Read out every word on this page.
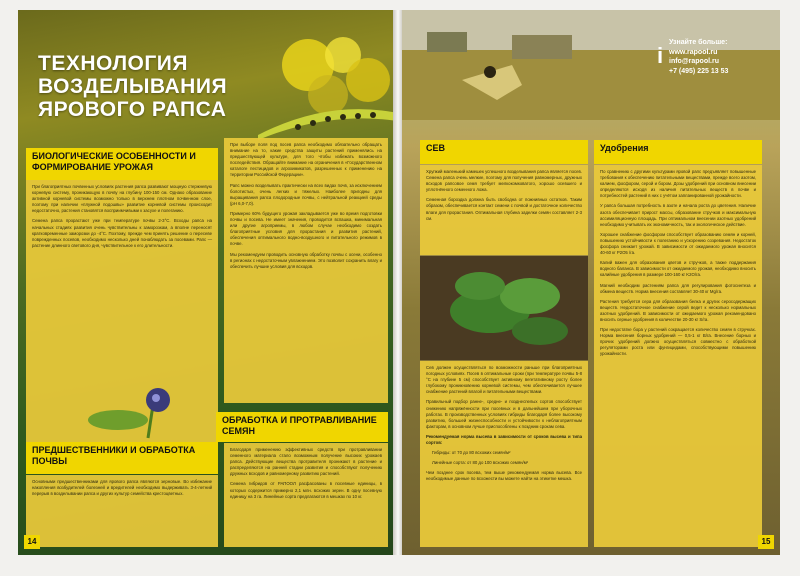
ТЕХНОЛОГИЯ
ВОЗДЕЛЫВАНИЯ
ЯРОВОГО РАПСА

При благоприятных почвенных условиях растения рапса развивают мощную стержневую корневую систему, проникающую в почву на глубину 100-150 см. Однако образование активной корневой системы возможно только в верхнем плотном почвенном слое, поэтому при наличии «плужной подошвы» развитие корневой системы происходит недостаточно, растения становятся восприимчивыми к засухе и полеганию.

Семена рапса прорастают уже при температуре почвы 2-3°С. Всходы рапса на начальных стадиях развития очень чувствительны к заморозкам, а вполне переносят кратковременные заморозки до -4°С. Поэтому, прежде чем принять решение о пересеве поврежденных посевов, необходимо несколько дней понаблюдать за посевами. Рапс — растение длинного светового дня, чувствительное к его длительности.

БИОЛОГИЧЕСКИЕ ОСОБЕННОСТИ И ФОРМИРОВАНИЕ УРОЖАЯ
ПРЕДШЕСТВЕННИКИ И ОБРАБОТКА ПОЧВЫ

Основными предшественниками для ярового рапса являются зерновые. Во избежание накопления возбудителей болезней и вредителей необходимо выдерживать 3-4-летний перерыв в возделывании рапса и других культур семейства крестоцветных.

При выборе поля под посев рапса необходимо обязательно обращать внимание на то, какие средства защиты растений применялись на предшествующей культуре, для того чтобы избежать возможного последействия. Обращайте внимание на ограничения в «Государственном каталоге пестицидов и агрохимикатов, разрешенных к применению на территории Российской Федерации».

Рапс можно возделывать практически на всех видах почв, за исключением болотистых, очень легких и тяжелых. Наиболее пригодны для выращивания рапса плодородные почвы, с нейтральной реакцией среды (pH 6,0-7,0).

Примерно 60% будущего урожая закладывается уже во время подготовки почвы и посева. Не имеет значения, проводится вспашка, минимальная или другие агроприемы, в любом случае необходимо создать благоприятные условия для прорастания и развития растений, обеспечения оптимального водно-воздушного и питательного режимов в почве.

Мы рекомендуем проводить основную обработку почвы с осени, особенно в регионах с недостаточным увлажнением. Это позволит сохранить влагу и обеспечить лучшие условия для всходов.

ОБРАБОТКА И ПРОТРАВЛИВАНИЕ СЕМЯН

Благодаря применению эффективных средств при протравливании семенного материала стало возможным получение высоких урожаев рапса. Действующие вещества протравителя проникают в растение и распределяются на ранней стадии развития и способствуют получению дружных всходов и равномерному развитию растений.

Семена гибридов от РАПООЛ расфасованы в посевные единицы, в которых содержится примерно 2,1 млн. всхожих зерен. В одну посевную единицу на 3 га. Линейные сорта предлагаются в мешках по 10 кг.

14
i
Узнайте больше:
www.rapool.ru
info@rapool.ru
+7 (495) 225 13 53
СЕВ

Хрупкий маленький камешек успешного возделывания рапса является посев. Семена рапса очень мелкие, поэтому для получения равномерных, дружных всходов рапсовое семя требует мелкокомковатого, хорошо осевшего и уплотнённого семенного ложа.

Семенная бороздка должна быть свободна от пожнивных остатков. Таким образом, обеспечивается контакт семени с почвой и достаточное количество влаги для прорастания. Оптимальная глубина заделки семян составляет 2-3 см.

Сев должен осуществляться по возможности раньше при благоприятных погодных условиях. Посев в оптимальные сроки (при температуре почвы 5-8 °С на глубине 5 см) способствует активному вегетативному росту более глубокому проникновению корневой системы, чем обеспечивается лучшее снабжение растений влагой и питательными веществами.

Правильный подбор ранне-, средне- и позднеспелых сортов способствует снижению напряжённости при посевных и в дальнейшем при уборочных работах. В производственных условиях гибриды благодаря более высокому развитию, большей жизнеспособности и устойчивости к неблагоприятным факторам, в основном лучше приспособлены к поздним срокам сева.

Рекомендуемая норма высева в зависимости от сроков высева и типа сортов:

Гибриды: от 70 до 80 всхожих семян/м²

Линейные сорта: от 80 до 100 всхожих семян/м²

Чем позднее срок посева, тем выше рекомендуемая норма высева. Все необходимые данные по всхожести вы можете найти на этикетке мешка.

Удобрения

По сравнению с другими культурами яровой рапс предъявляет повышенные требования к обеспечению питательными веществами, прежде всего азотом, калием, фосфором, серой и бором. Дозы удобрений при основном внесении определяются исходя из наличия питательных веществ в почве и потребностей растений в них с учётом запланированной урожайности.

У рапса большая потребность в азоте и начала роста до цветения. Наличие азота обеспечивает прирост массы, образование стручков и максимальную ассимиляционную площадь. При оптимальном внесении азотных удобрений необходимо учитывать их экономичность, так и экологическое действие.

Хорошее снабжение фосфором способствует образованию семян и корней, повышению устойчивости к полеганию и ускорению созревания. Недостаток фосфора снижает урожай. В зависимости от ожидаемого урожая вносится 40-60 кг P2O5 /га.

Калий важен для образования цветов и стручков, а также поддержания водного баланса. В зависимости от ожидаемого урожая, необходимо вносить калийные удобрения в размере 100-160 кг K2O/га.

Магний необходим растениям рапса для регулирования фотосинтеза и обмена веществ. Норма внесения составляет 30-40 кг Mg/га.

Растения требуется сера для образования белка и других серосодержащих веществ. Недостаточное снабжение серой ведет к несколько нормальных азотных удобрений. В зависимости от ожидаемого урожая рекомендовано вносить серные удобрения в количестве 20-30 кг S/га.

При недостатке бора у растений сокращается количество семян в стручках. Норма внесения борных удобрений — 0,5-1 кг B/га. Внесение борных и прочих удобрений должно осуществляться совместно с обработкой регуляторами роста или фунгицидами, способствующими повышению урожайности.

15
